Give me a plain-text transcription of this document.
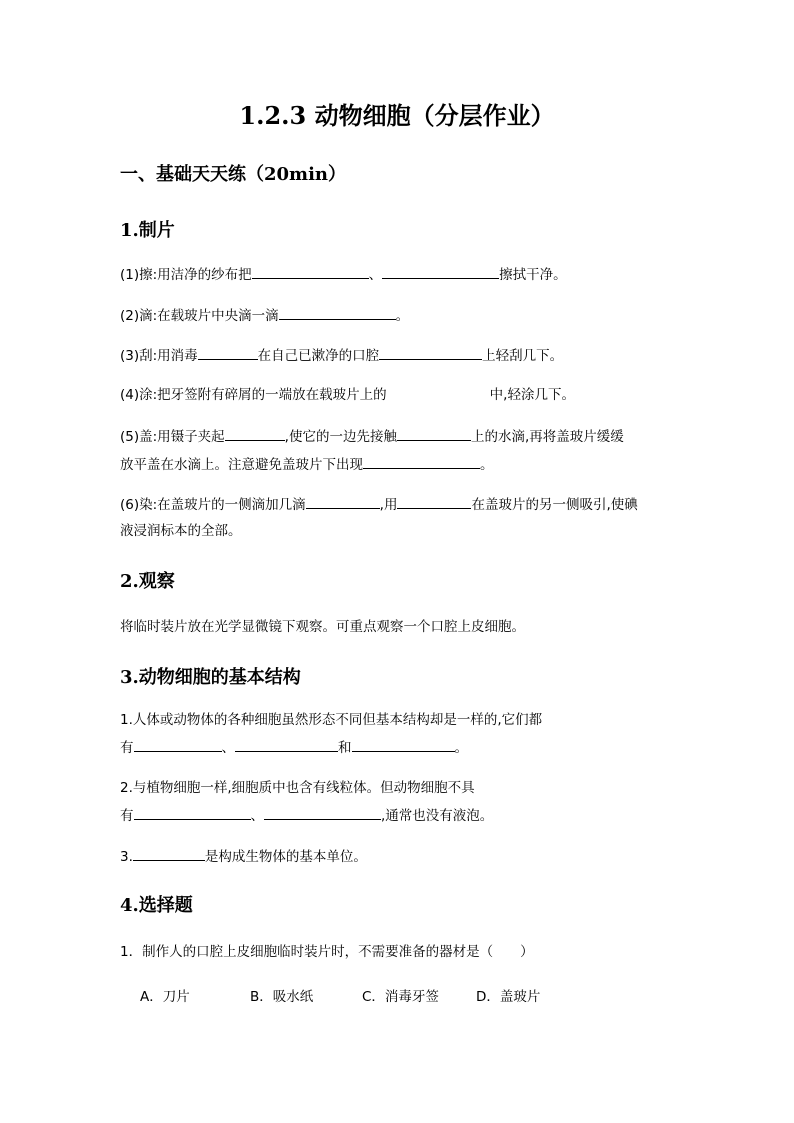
1.2.3 动物细胞（分层作业）
一、基础天天练（20min）
1.制片
(1)擦:用洁净的纱布把	、	擦拭干净。
(2)滴:在载玻片中央滴一滴	。
(3)刮:用消毒	在自己已漱净的口腔	上轻刮几下。
(4)涂:把牙签附有碎屑的一端放在载玻片上的	中,轻涂几下。
(5)盖:用镊子夹起	,使它的一边先接触	上的水滴,再将盖玻片缓缓
放平盖在水滴上。注意避免盖玻片下出现	。
(6)染:在盖玻片的一侧滴加几滴	,用	在盖玻片的另一侧吸引,使碘
液浸润标本的全部。
2.观察
将临时装片放在光学显微镜下观察。可重点观察一个口腔上皮细胞。
3.动物细胞的基本结构
1.人体或动物体的各种细胞虽然形态不同但基本结构却是一样的,它们都
有	、	和	。
2.与植物细胞一样,细胞质中也含有线粒体。但动物细胞不具
有	、	,通常也没有液泡。
3.	是构成生物体的基本单位。
4.选择题
1．制作人的口腔上皮细胞临时装片时，不需要准备的器材是（　　）
A．刀片	B．吸水纸	C．消毒牙签	D．盖玻片
